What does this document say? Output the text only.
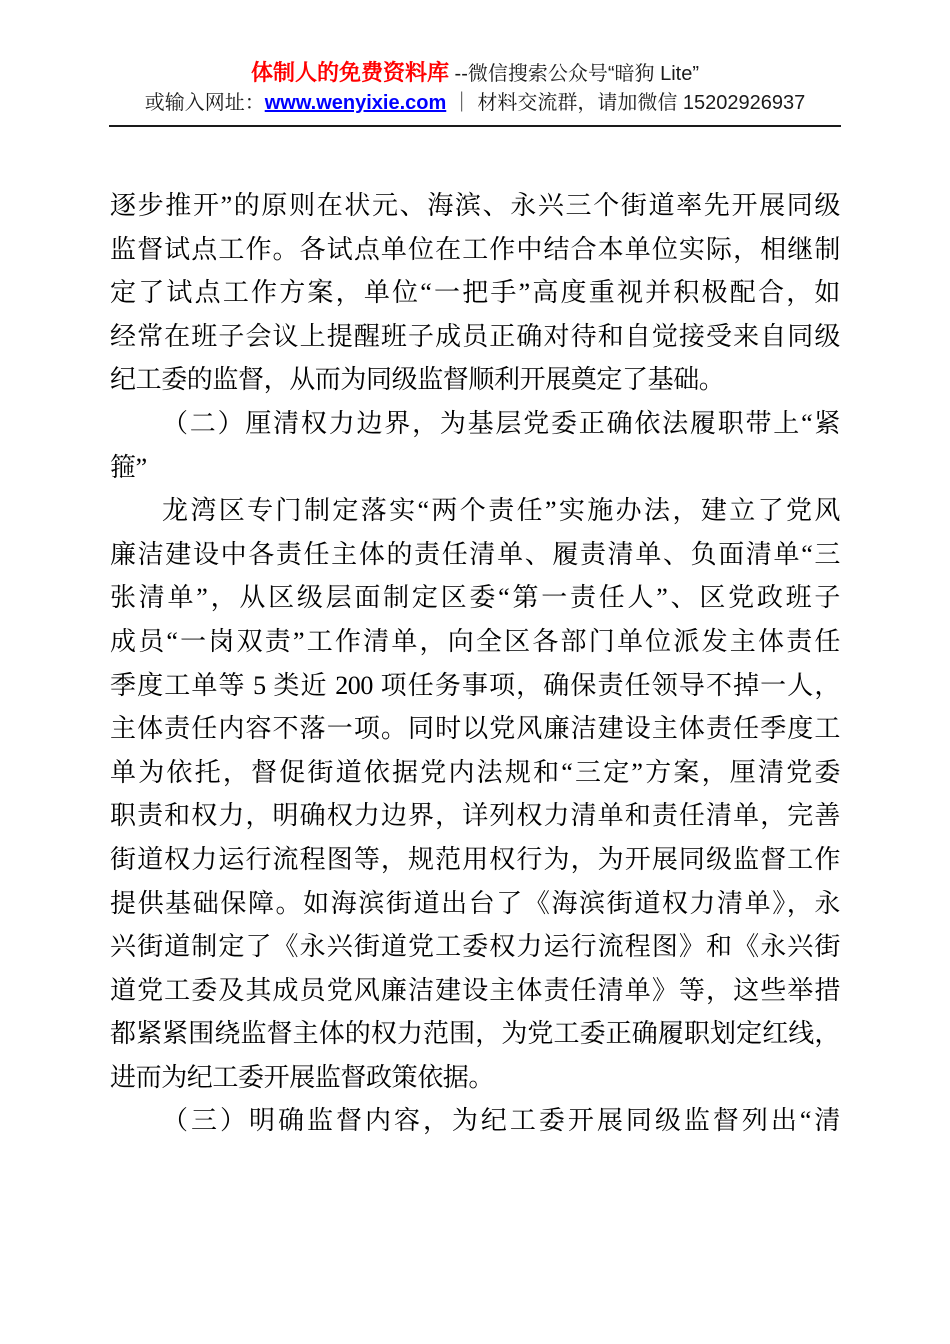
体制人的免费资料库 --微信搜索公众号“暗狗 Lite”
或输入网址：www.wenyixie.com ｜ 材料交流群，请加微信 15202926937
逐步推开”的原则在状元、海滨、永兴三个街道率先开展同级
监督试点工作。各试点单位在工作中结合本单位实际，相继制
定了试点工作方案，单位“一把手”高度重视并积极配合，如
经常在班子会议上提醒班子成员正确对待和自觉接受来自同级
纪工委的监督，从而为同级监督顺利开展奠定了基础。
（二）厘清权力边界，为基层党委正确依法履职带上“紧
箍”
龙湾区专门制定落实“两个责任”实施办法，建立了党风
廉洁建设中各责任主体的责任清单、履责清单、负面清单“三
张清单”，从区级层面制定区委“第一责任人”、区党政班子
成员“一岗双责”工作清单，向全区各部门单位派发主体责任
季度工单等 5 类近 200 项任务事项，确保责任领导不掉一人，
主体责任内容不落一项。同时以党风廉洁建设主体责任季度工
单为依托，督促街道依据党内法规和“三定”方案，厘清党委
职责和权力，明确权力边界，详列权力清单和责任清单，完善
街道权力运行流程图等，规范用权行为，为开展同级监督工作
提供基础保障。如海滨街道出台了《海滨街道权力清单》，永
兴街道制定了《永兴街道党工委权力运行流程图》和《永兴街
道党工委及其成员党风廉洁建设主体责任清单》等，这些举措
都紧紧围绕监督主体的权力范围，为党工委正确履职划定红线，
进而为纪工委开展监督政策依据。
（三）明确监督内容，为纪工委开展同级监督列出“清
